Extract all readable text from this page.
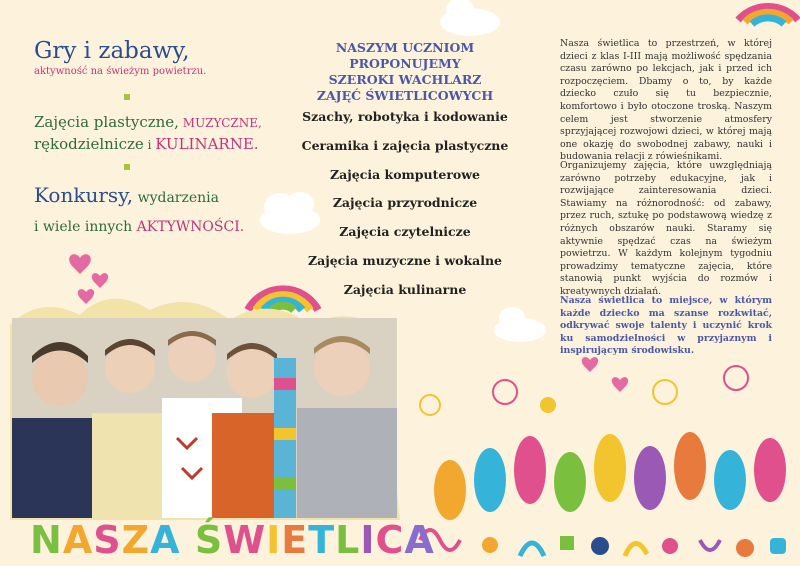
Gry i zabawy,
aktywność na świeżym powietrzu.
Zajęcia plastyczne, MUZYCZNE,
rękodzielnicze i KULINARNE.
Konkursy, wydarzenia
i wiele innych AKTYWNOŚCI.
NASZYM UCZNIOM PROPONUJEMY
SZEROKI WACHLARZ
ZAJĘĆ ŚWIETLICOWYCH
Szachy, robotyka i kodowanie
Ceramika i zajęcia plastyczne
Zajęcia komputerowe
Zajęcia przyrodnicze
Zajęcia czytelnicze
Zajęcia muzyczne i wokalne
Zajęcia kulinarne
Nasza świetlica to przestrzeń, w której dzieci z klas I-III mają możliwość spędzania czasu zarówno po lekcjach, jak i przed ich rozpoczęciem. Dbamy o to, by każde dziecko czuło się tu bezpiecznie, komfortowo i było otoczone troską. Naszym celem jest stworzenie atmosfery sprzyjającej rozwojowi dzieci, w której mają one okazję do swobodnej zabawy, nauki i budowania relacji z rówieśnikami.
Organizujemy zajęcia, które uwzględniają zarówno potrzeby edukacyjne, jak i rozwijające zainteresowania dzieci. Stawiamy na różnorodność: od zabawy, przez ruch, sztukę po podstawową wiedzę z różnych obszarów nauki. Staramy się aktywnie spędzać czas na świeżym powietrzu. W każdym kolejnym tygodniu prowadzimy tematyczne zajęcia, które stanowią punkt wyjścia do rozmów i kreatywnych działań.
Nasza świetlica to miejsce, w którym każde dziecko ma szanse rozkwitać, odkrywać swoje talenty i uczynić krok ku samodzielności w przyjaznym i inspirującym środowisku.
NASZA ŚWIETLICA
